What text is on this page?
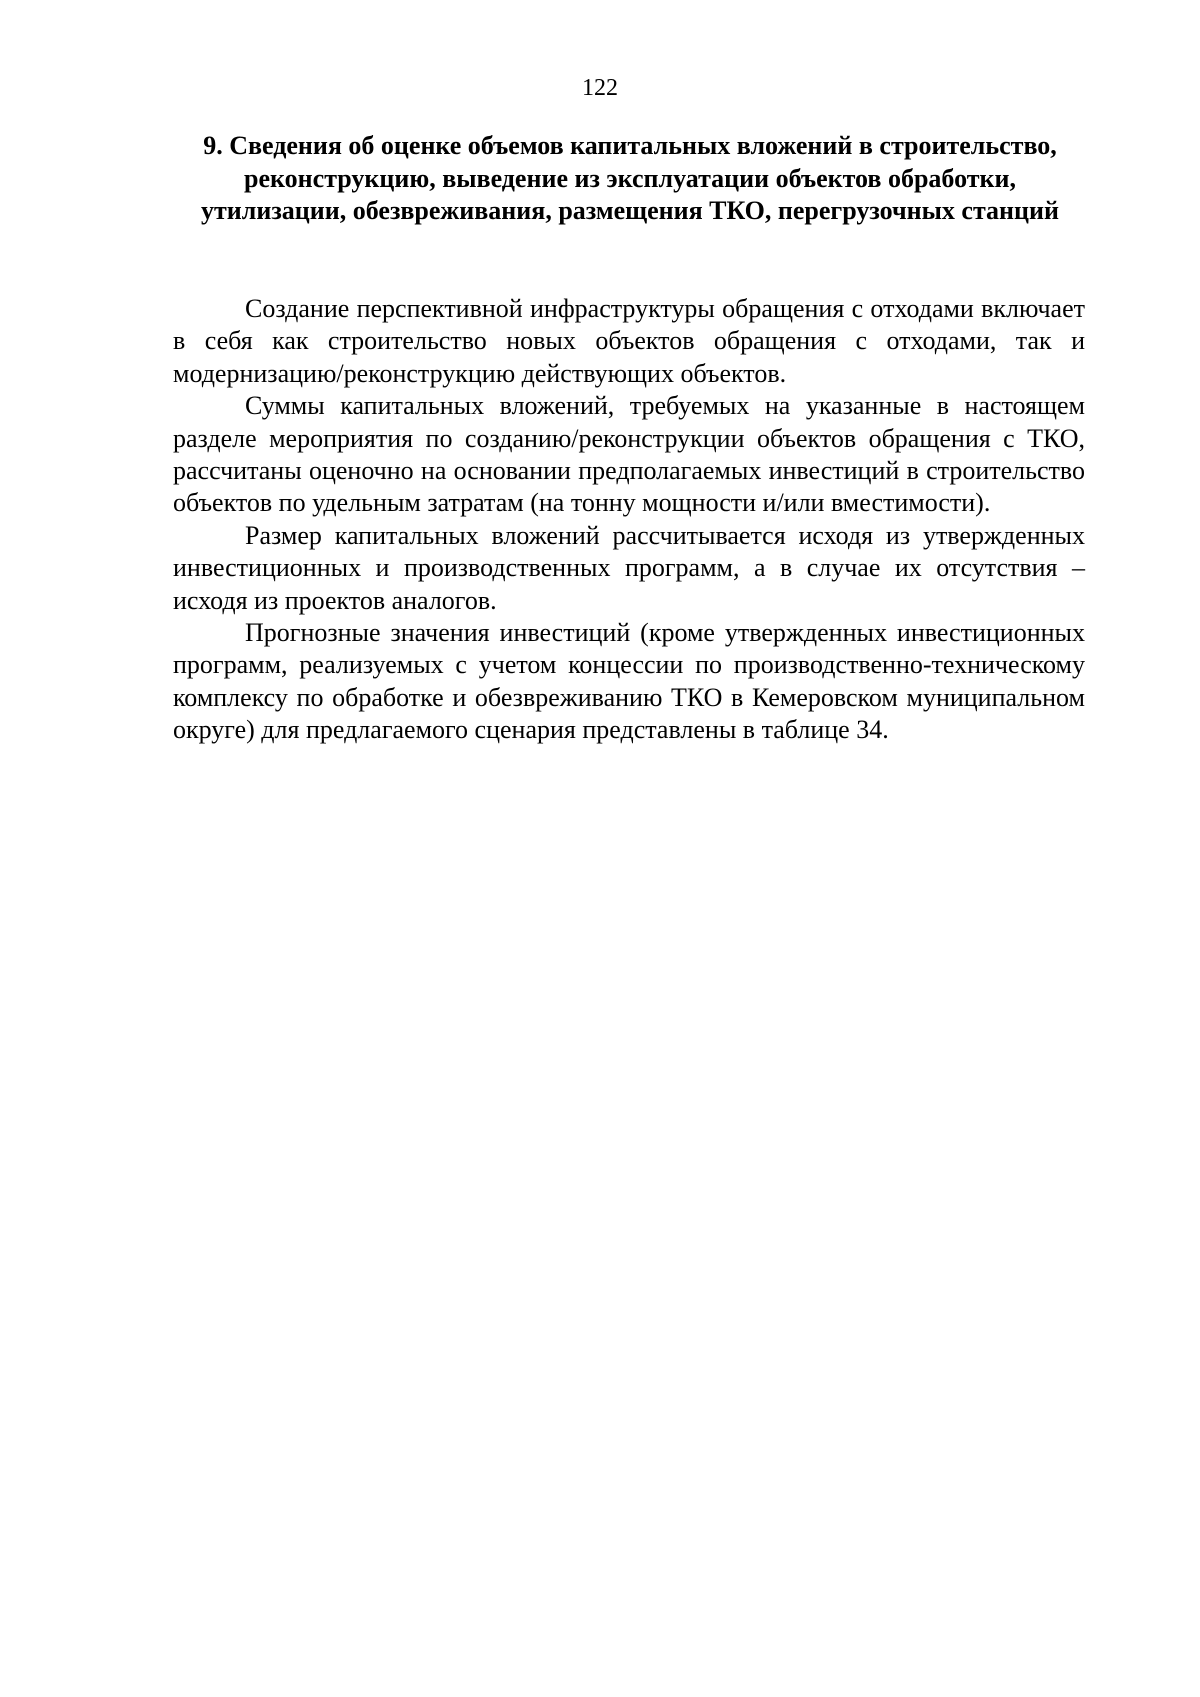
122
9. Сведения об оценке объемов капитальных вложений в строительство, реконструкцию, выведение из эксплуатации объектов обработки, утилизации, обезвреживания, размещения ТКО, перегрузочных станций

Создание перспективной инфраструктуры обращения с отходами включает в себя как строительство новых объектов обращения с отходами, так и модернизацию/реконструкцию действующих объектов.

Суммы капитальных вложений, требуемых на указанные в настоящем разделе мероприятия по созданию/реконструкции объектов обращения с ТКО, рассчитаны оценочно на основании предполагаемых инвестиций в строительство объектов по удельным затратам (на тонну мощности и/или вместимости).

Размер капитальных вложений рассчитывается исходя из утвержденных инвестиционных и производственных программ, а в случае их отсутствия – исходя из проектов аналогов.

Прогнозные значения инвестиций (кроме утвержденных инвестиционных программ, реализуемых с учетом концессии по производственно-техническому комплексу по обработке и обезвреживанию ТКО в Кемеровском муниципальном округе) для предлагаемого сценария представлены в таблице 34.
